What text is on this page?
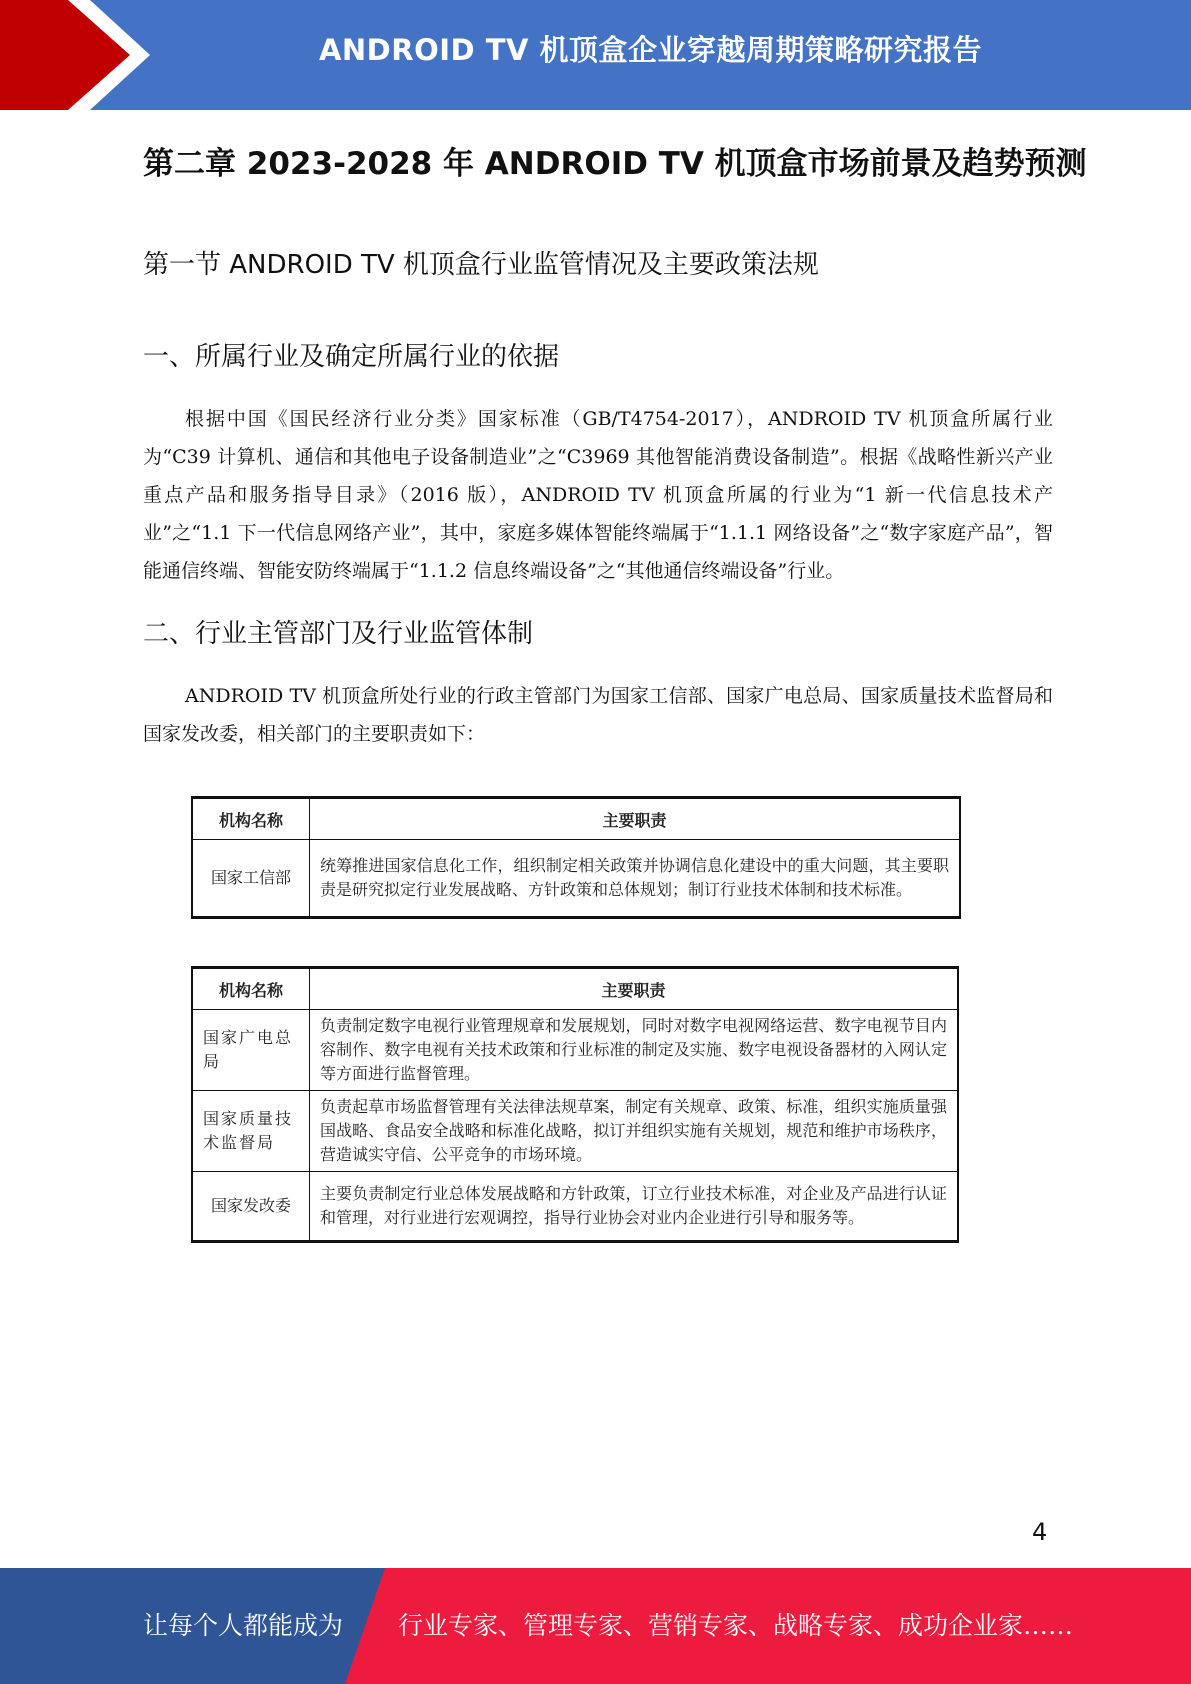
ANDROID TV 机顶盒企业穿越周期策略研究报告
第二章 2023-2028 年 ANDROID TV 机顶盒市场前景及趋势预测
第一节 ANDROID TV 机顶盒行业监管情况及主要政策法规
一、所属行业及确定所属行业的依据

根据中国《国民经济行业分类》国家标准（GB/T4754-2017），ANDROID TV 机顶盒所属行业为“C39 计算机、通信和其他电子设备制造业”之“C3969 其他智能消费设备制造”。根据《战略性新兴产业重点产品和服务指导目录》（2016 版），ANDROID TV 机顶盒所属的行业为“1 新一代信息技术产业”之“1.1 下一代信息网络产业”，其中，家庭多媒体智能终端属于“1.1.1 网络设备”之“数字家庭产品”，智能通信终端、智能安防终端属于“1.1.2 信息终端设备”之“其他通信终端设备”行业。

二、行业主管部门及行业监管体制

ANDROID TV 机顶盒所处行业的行政主管部门为国家工信部、国家广电总局、国家质量技术监督局和国家发改委，相关部门的主要职责如下：

机构名称	主要职责
国家工信部	统筹推进国家信息化工作，组织制定相关政策并协调信息化建设中的重大问题，其主要职责是研究拟定行业发展战略、方针政策和总体规划；制订行业技术体制和技术标准。
机构名称	主要职责
国家广电总局	负责制定数字电视行业管理规章和发展规划，同时对数字电视网络运营、数字电视节目内容制作、数字电视有关技术政策和行业标准的制定及实施、数字电视设备器材的入网认定等方面进行监督管理。
国家质量技术监督局	负责起草市场监督管理有关法律法规草案，制定有关规章、政策、标准，组织实施质量强国战略、食品安全战略和标准化战略，拟订并组织实施有关规划，规范和维护市场秩序，营造诚实守信、公平竞争的市场环境。
国家发改委	主要负责制定行业总体发展战略和方针政策，订立行业技术标准，对企业及产品进行认证和管理，对行业进行宏观调控，指导行业协会对业内企业进行引导和服务等。
4
让每个人都能成为 行业专家、管理专家、营销专家、战略专家、成功企业家……
